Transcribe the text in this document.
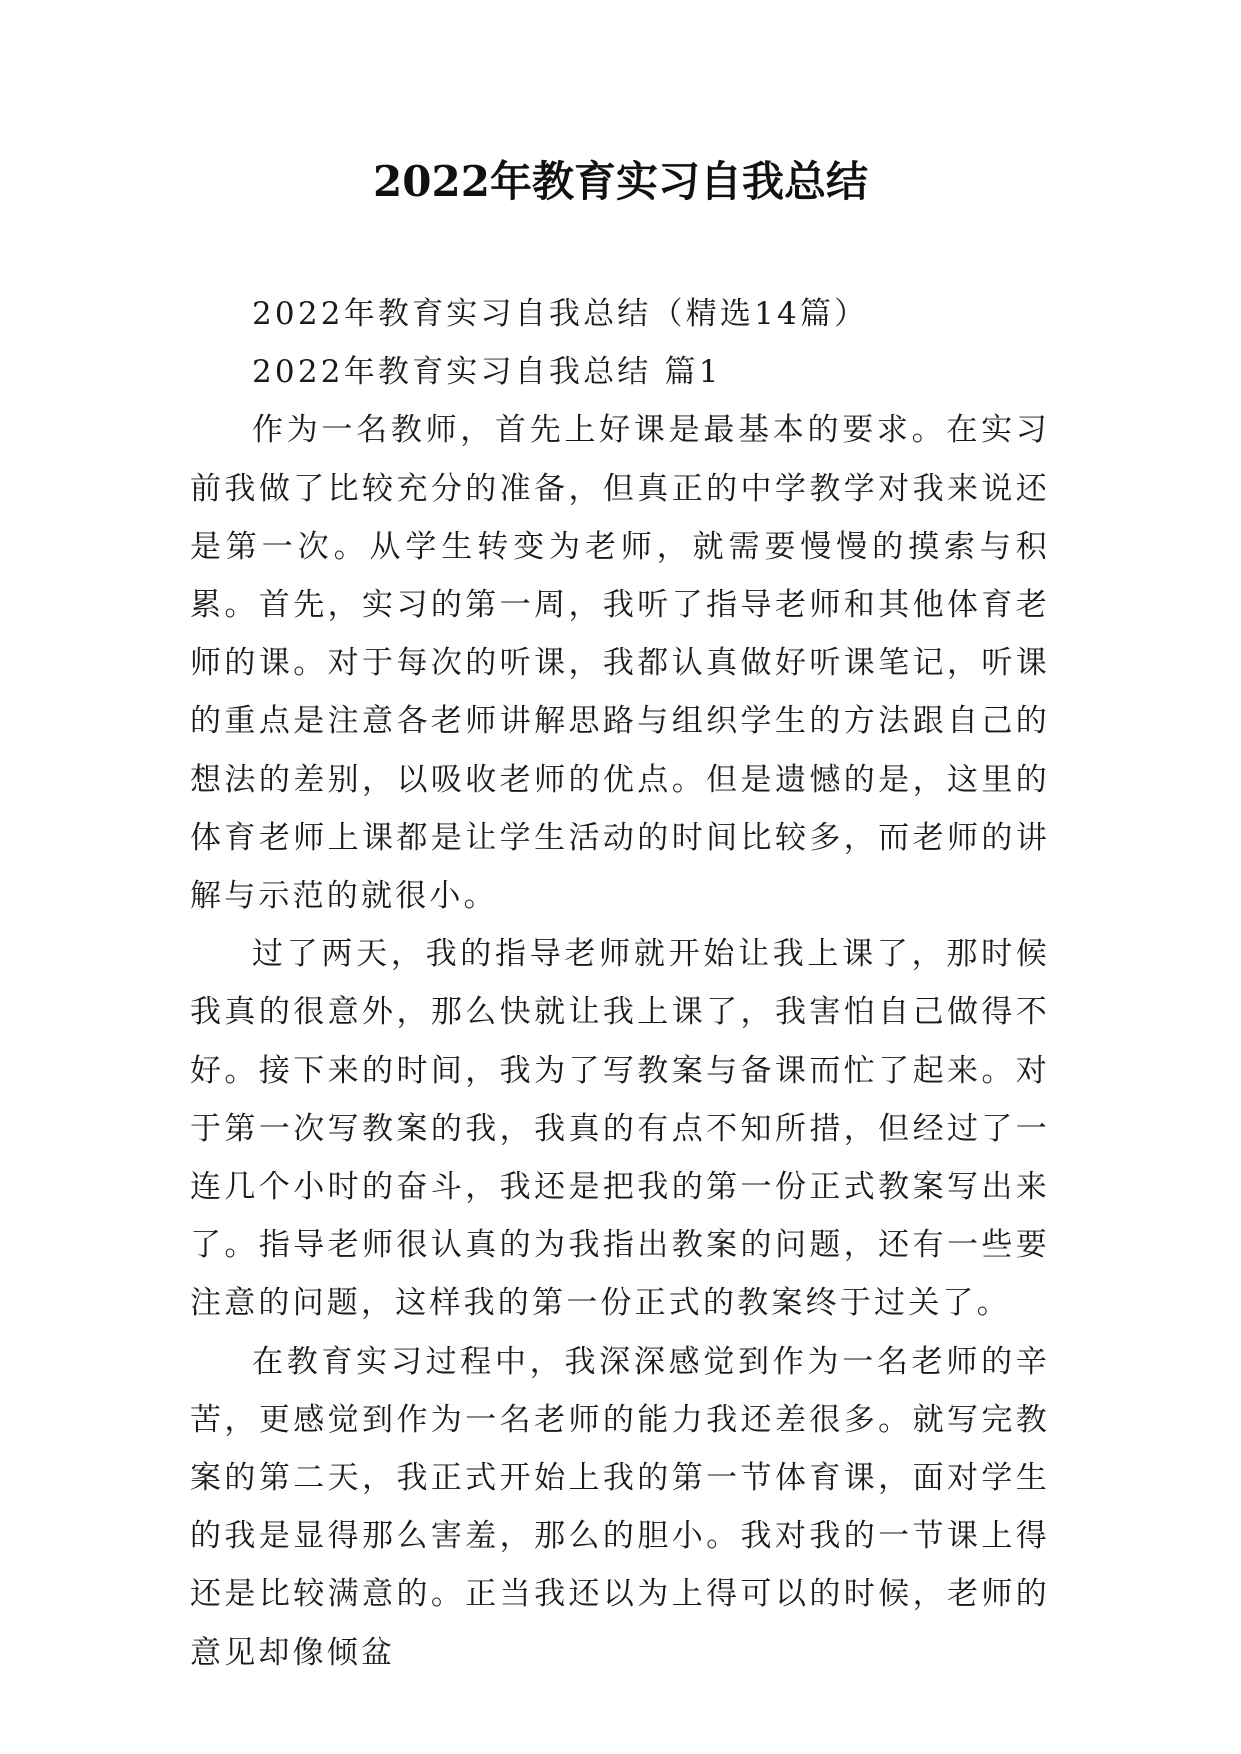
2022年教育实习自我总结

2022年教育实习自我总结（精选14篇）

2022年教育实习自我总结 篇1

作为一名教师，首先上好课是最基本的要求。在实习前我做了比较充分的准备，但真正的中学教学对我来说还是第一次。从学生转变为老师，就需要慢慢的摸索与积累。首先，实习的第一周，我听了指导老师和其他体育老师的课。对于每次的听课，我都认真做好听课笔记，听课的重点是注意各老师讲解思路与组织学生的方法跟自己的想法的差别，以吸收老师的优点。但是遗憾的是，这里的体育老师上课都是让学生活动的时间比较多，而老师的讲解与示范的就很小。

过了两天，我的指导老师就开始让我上课了，那时候我真的很意外，那么快就让我上课了，我害怕自己做得不好。接下来的时间，我为了写教案与备课而忙了起来。对于第一次写教案的我，我真的有点不知所措，但经过了一连几个小时的奋斗，我还是把我的第一份正式教案写出来了。指导老师很认真的为我指出教案的问题，还有一些要注意的问题，这样我的第一份正式的教案终于过关了。

在教育实习过程中，我深深感觉到作为一名老师的辛苦，更感觉到作为一名老师的能力我还差很多。就写完教案的第二天，我正式开始上我的第一节体育课，面对学生的我是显得那么害羞，那么的胆小。我对我的一节课上得还是比较满意的。正当我还以为上得可以的时候，老师的意见却像倾盆
